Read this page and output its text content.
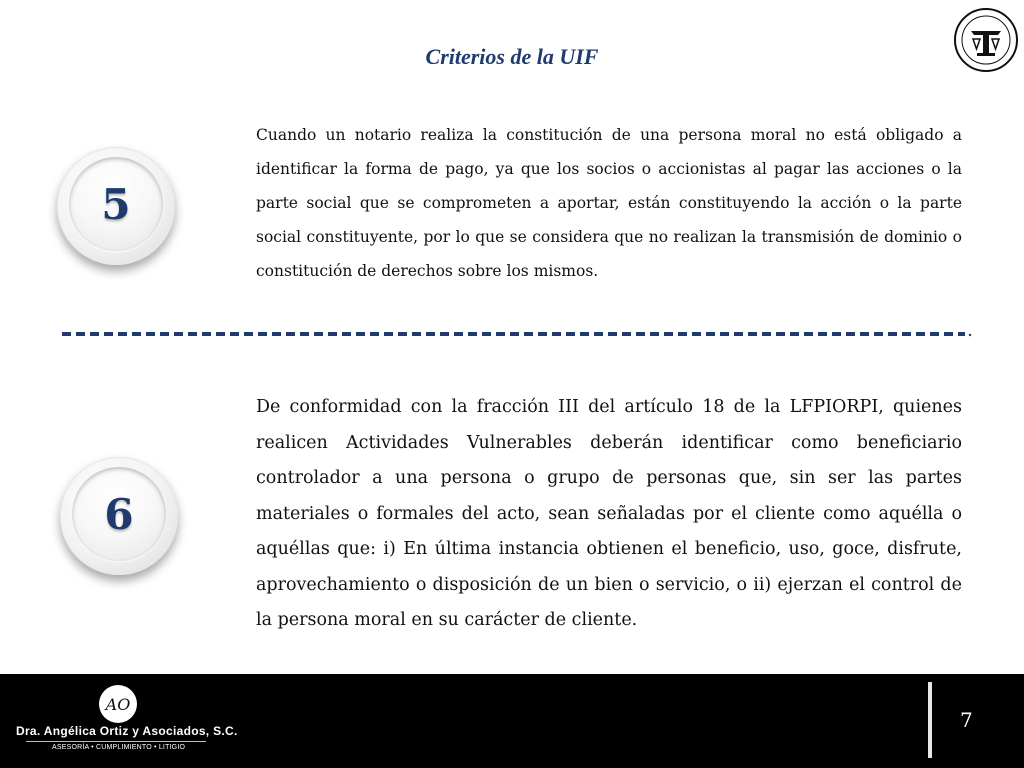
Criterios de la UIF
5

Cuando un notario realiza la constitución de una persona moral no está obligado a identificar la forma de pago, ya que los socios o accionistas al pagar las acciones o la parte social que se comprometen a aportar, están constituyendo la acción o la parte social constituyente, por lo que se considera que no realizan la transmisión de dominio o constitución de derechos sobre los mismos.

6

De conformidad con la fracción III del artículo 18 de la LFPIORPI, quienes realicen Actividades Vulnerables deberán identificar como beneficiario controlador a una persona o grupo de personas que, sin ser las partes materiales o formales del acto, sean señaladas por el cliente como aquélla o aquéllas que: i) En última instancia obtienen el beneficio, uso, goce, disfrute, aprovechamiento o disposición de un bien o servicio, o ii) ejerzan el control de la persona moral en su carácter de cliente.

AO
Dra. Angélica Ortiz y Asociados, S.C.
ASESORÍA • CUMPLIMIENTO • LITIGIO
7
